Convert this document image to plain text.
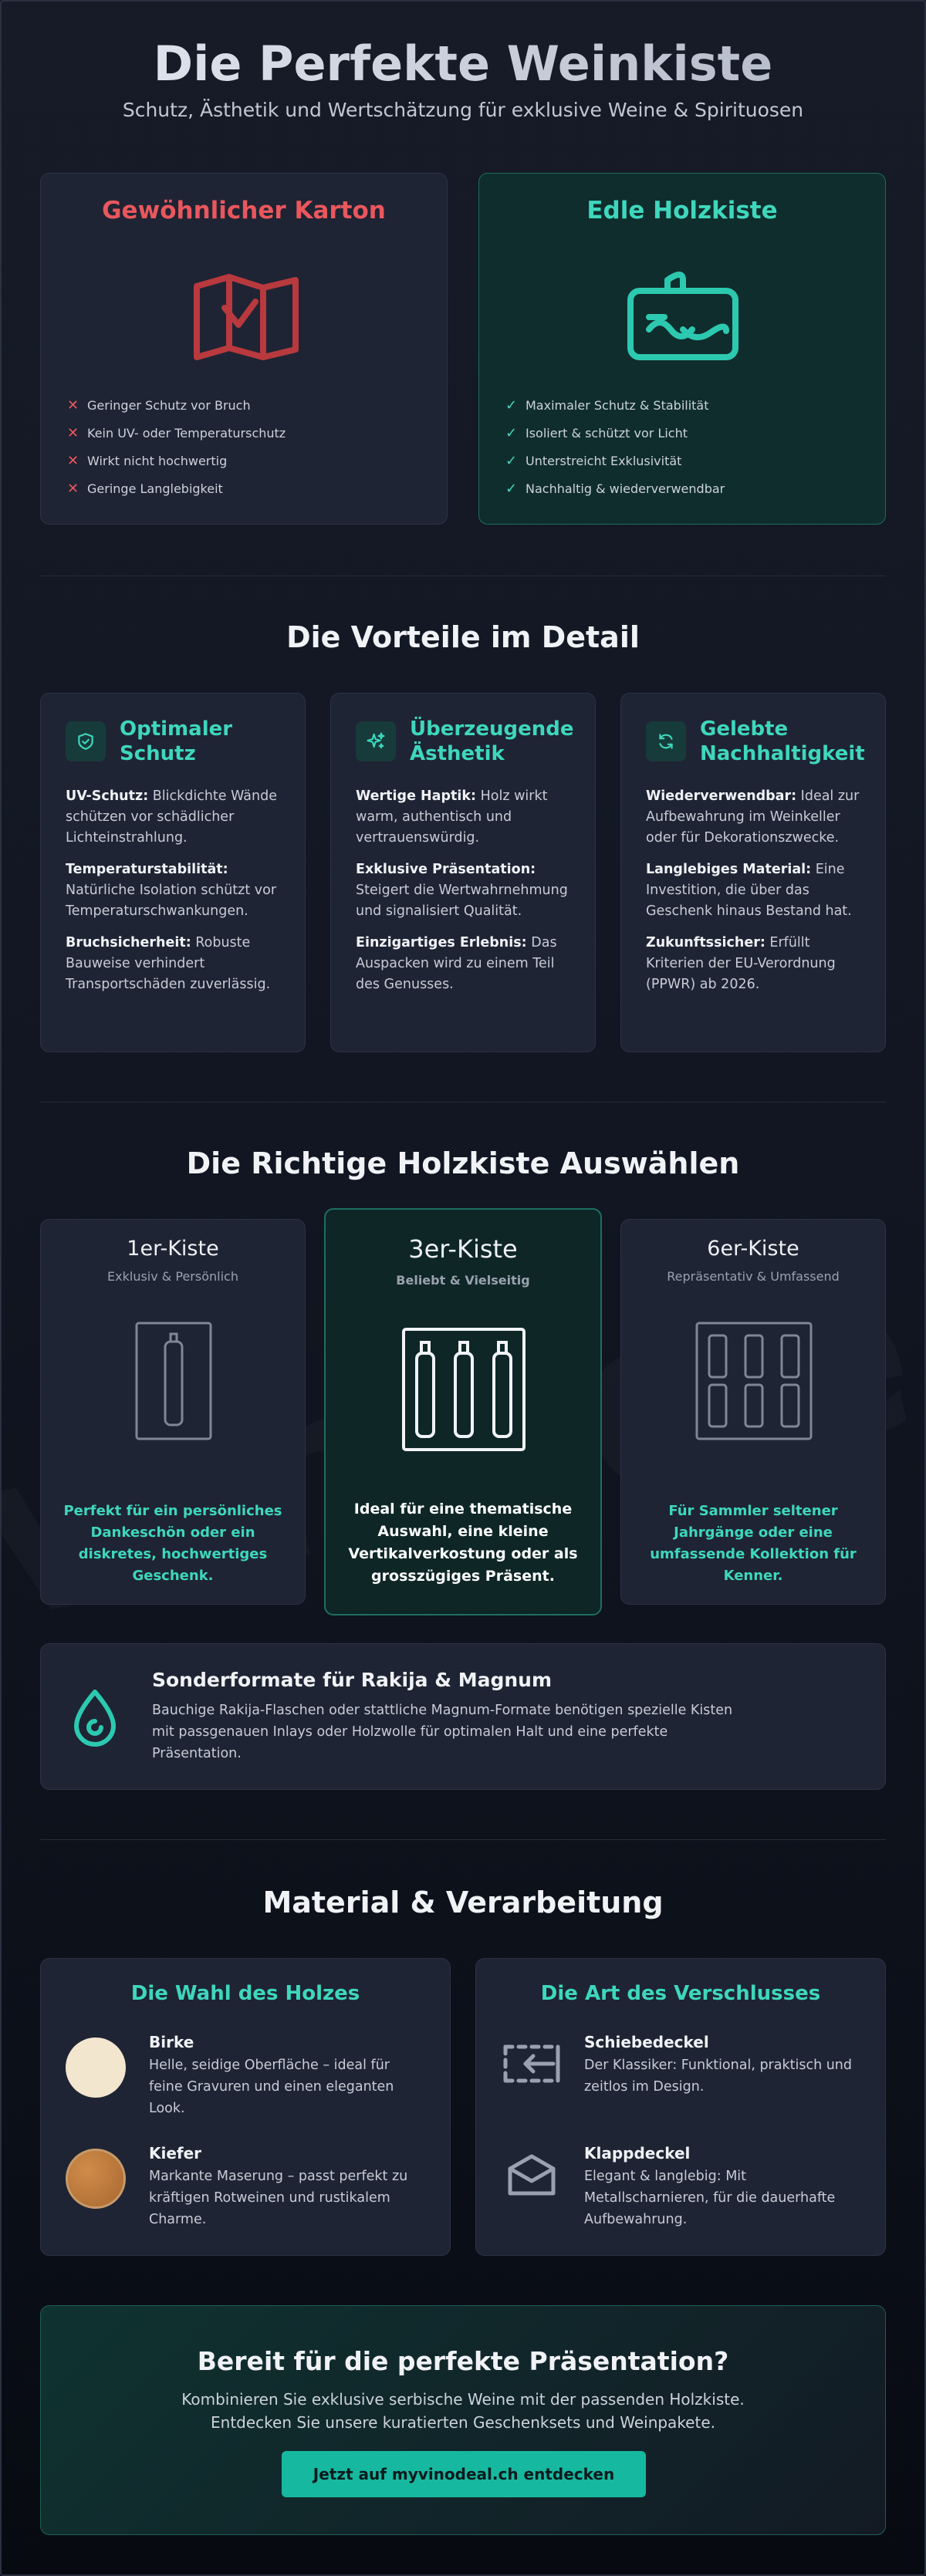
Die Perfekte Weinkiste

Schutz, Ästhetik und Wertschätzung für exklusive Weine & Spirituosen

Gewöhnlicher Karton
✕ Geringer Schutz vor Bruch
✕ Kein UV- oder Temperaturschutz
✕ Wirkt nicht hochwertig
✕ Geringe Langlebigkeit
Edle Holzkiste
✓ Maximaler Schutz & Stabilität
✓ Isoliert & schützt vor Licht
✓ Unterstreicht Exklusivität
✓ Nachhaltig & wiederverwendbar
Die Vorteile im Detail
Optimaler
Schutz

UV-Schutz: Blickdichte Wände schützen vor schädlicher Lichteinstrahlung.

Temperaturstabilität: Natürliche Isolation schützt vor Temperaturschwankungen.

Bruchsicherheit: Robuste Bauweise verhindert Transportschäden zuverlässig.

Überzeugende
Ästhetik

Wertige Haptik: Holz wirkt warm, authentisch und vertrauenswürdig.

Exklusive Präsentation: Steigert die Wertwahrnehmung und signalisiert Qualität.

Einzigartiges Erlebnis: Das Auspacken wird zu einem Teil des Genusses.

Gelebte
Nachhaltigkeit

Wiederverwendbar: Ideal zur Aufbewahrung im Weinkeller oder für Dekorationszwecke.

Langlebiges Material: Eine Investition, die über das Geschenk hinaus Bestand hat.

Zukunftssicher: Erfüllt Kriterien der EU-Verordnung (PPWR) ab 2026.

Die Richtige Holzkiste Auswählen
1er-Kiste
Exklusiv & Persönlich
Perfekt für ein persönliches Dankeschön oder ein diskretes, hochwertiges Geschenk.
3er-Kiste
Beliebt & Vielseitig
Ideal für eine thematische Auswahl, eine kleine Vertikalverkostung oder als grosszügiges Präsent.
6er-Kiste
Repräsentativ & Umfassend
Für Sammler seltener Jahrgänge oder eine umfassende Kollektion für Kenner.
Sonderformate für Rakija & Magnum
Bauchige Rakija-Flaschen oder stattliche Magnum-Formate benötigen spezielle Kisten mit passgenauen Inlays oder Holzwolle für optimalen Halt und eine perfekte Präsentation.
Material & Verarbeitung
Die Wahl des Holzes
Birke
Helle, seidige Oberfläche – ideal für feine Gravuren und einen eleganten Look.
Kiefer
Markante Maserung – passt perfekt zu kräftigen Rotweinen und rustikalem Charme.
Die Art des Verschlusses
Schiebedeckel
Der Klassiker: Funktional, praktisch und zeitlos im Design.
Klappdeckel
Elegant & langlebig: Mit Metallscharnieren, für die dauerhafte Aufbewahrung.
Bereit für die perfekte Präsentation?
Kombinieren Sie exklusive serbische Weine mit der passenden Holzkiste.
Entdecken Sie unsere kuratierten Geschenksets und Weinpakete.
Jetzt auf myvinodeal.ch entdecken
